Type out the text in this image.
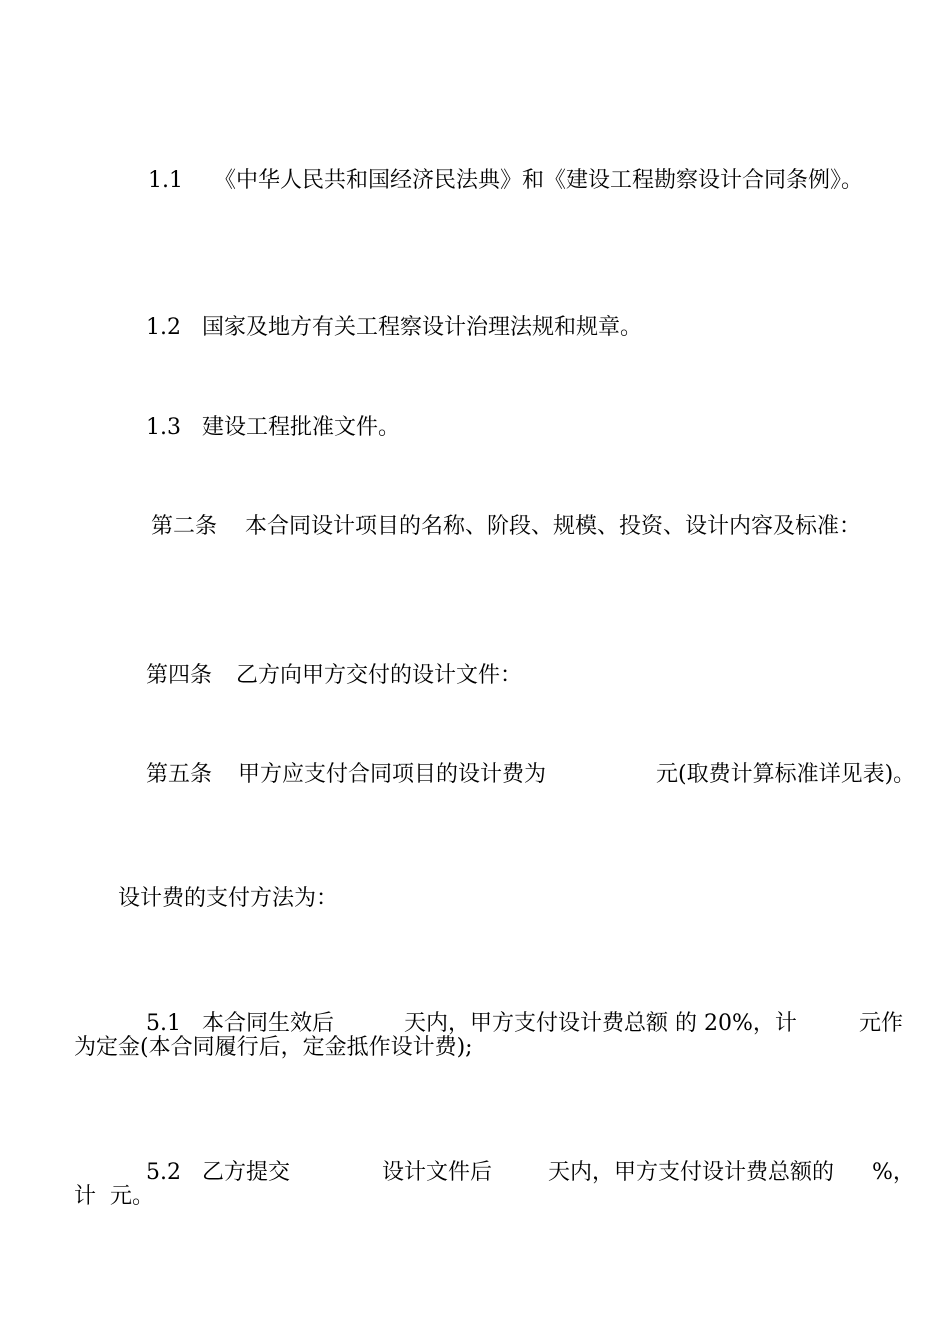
1.1 《中华人民共和国经济民法典》和《建设工程勘察设计合同条例》。

1.2 国家及地方有关工程察设计治理法规和规章。

1.3 建设工程批准文件。

第二条 本合同设计项目的名称、阶段、规模、投资、设计内容及标准：

第四条 乙方向甲方交付的设计文件：

第五条 甲方应支付合同项目的设计费为	元(取费计算标准详见表)。

设计费的支付方法为：

5.1 本合同生效后	天内，甲方支付设计费总额 的 20%，计	元作

为定金(本合同履行后，定金抵作设计费);

5.2 乙方提交	设计文件后	天内，甲方支付设计费总额的 %，

计  元。
